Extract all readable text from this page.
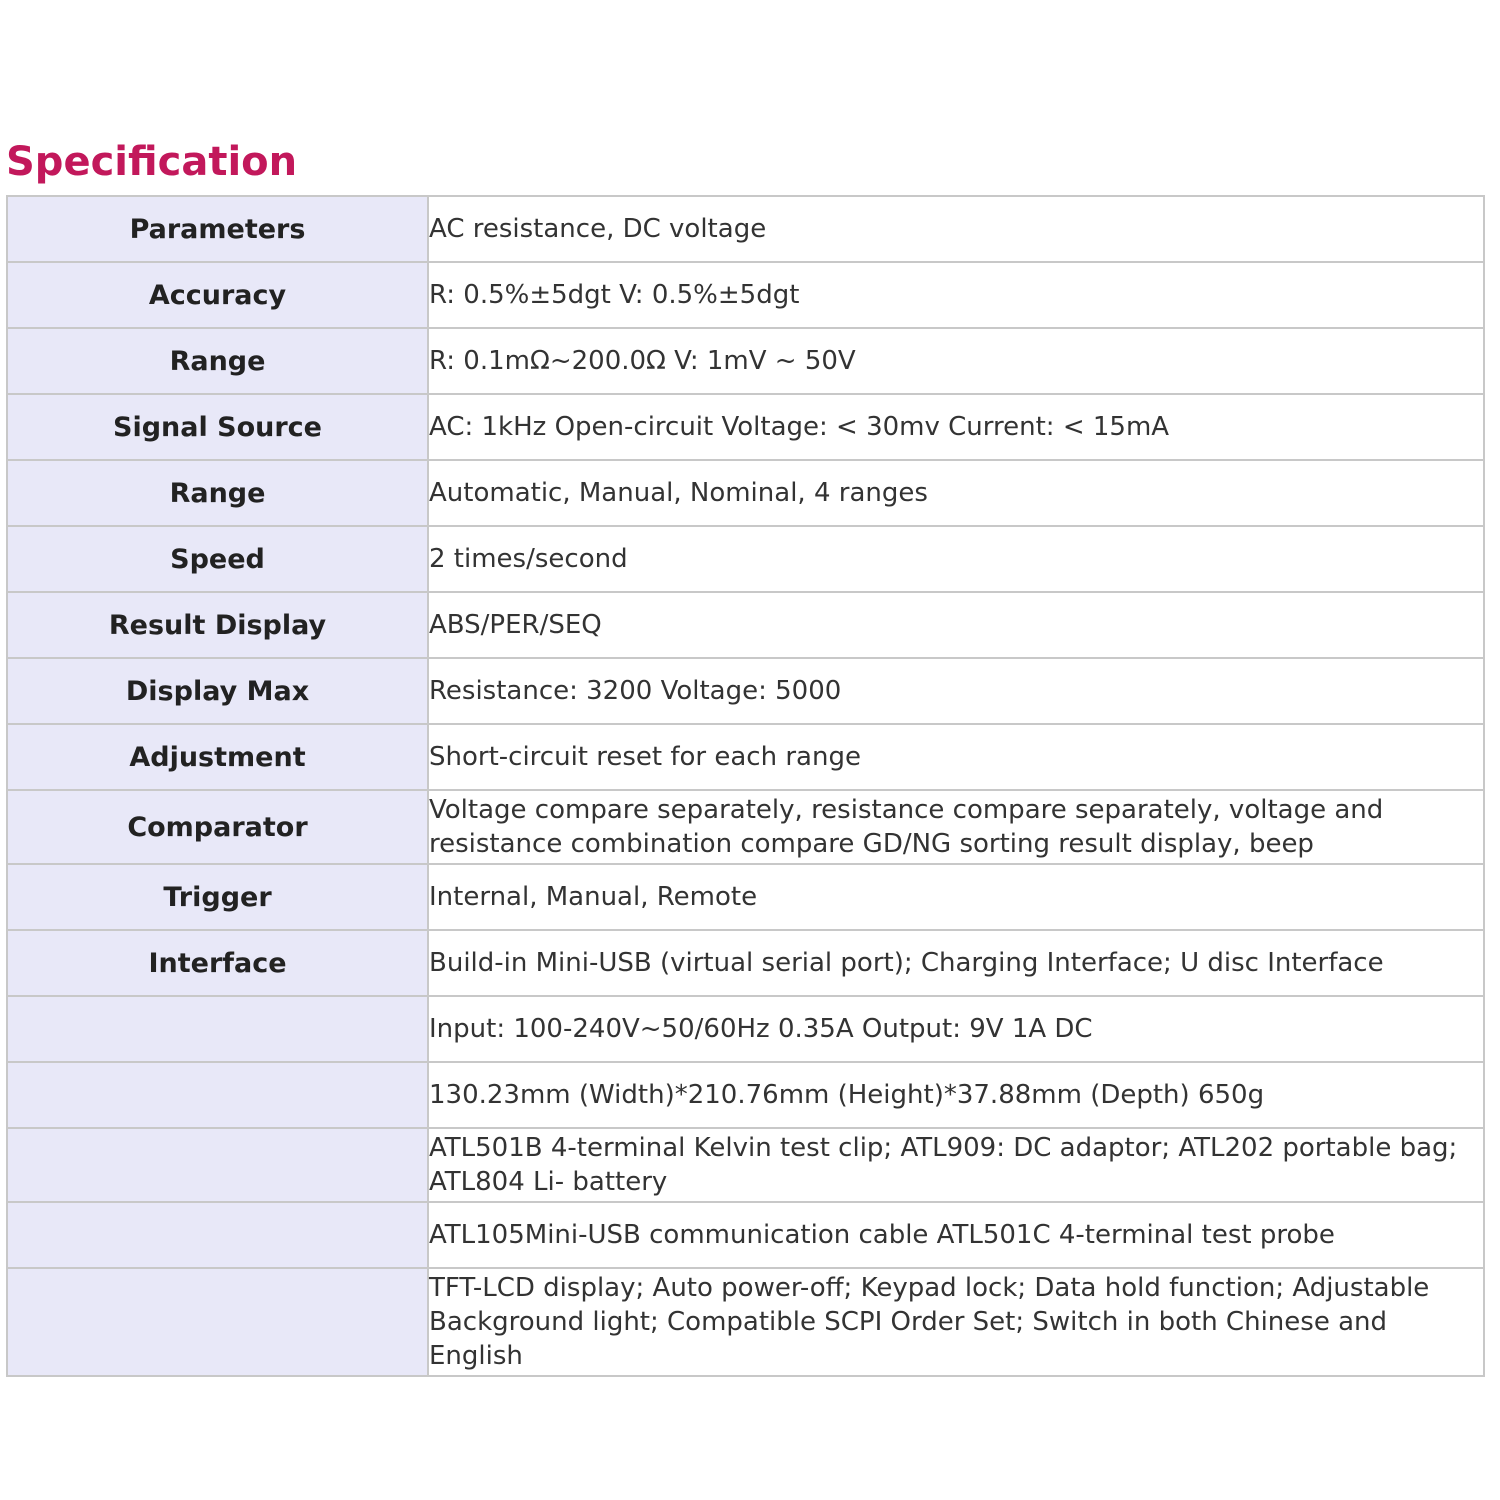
Specification
Parameters	AC resistance, DC voltage
Accuracy	R: 0.5%±5dgt V: 0.5%±5dgt
Range	R: 0.1mΩ~200.0Ω V: 1mV ~ 50V
Signal Source	AC: 1kHz Open-circuit Voltage: < 30mv Current: < 15mA
Range	Automatic, Manual, Nominal, 4 ranges
Speed	2 times/second
Result Display	ABS/PER/SEQ
Display Max	Resistance: 3200 Voltage: 5000
Adjustment	Short-circuit reset for each range
Comparator	Voltage compare separately, resistance compare separately, voltage and resistance combination compare GD/NG sorting result display, beep
Trigger	Internal, Manual, Remote
Interface	Build-in Mini-USB (virtual serial port); Charging Interface; U disc Interface
	Input: 100-240V~50/60Hz 0.35A Output: 9V 1A DC
	130.23mm (Width)*210.76mm (Height)*37.88mm (Depth) 650g
	ATL501B 4-terminal Kelvin test clip; ATL909: DC adaptor; ATL202 portable bag; ATL804 Li- battery
	ATL105Mini-USB communication cable ATL501C 4-terminal test probe
	TFT-LCD display; Auto power-off; Keypad lock; Data hold function; Adjustable Background light; Compatible SCPI Order Set; Switch in both Chinese and English
